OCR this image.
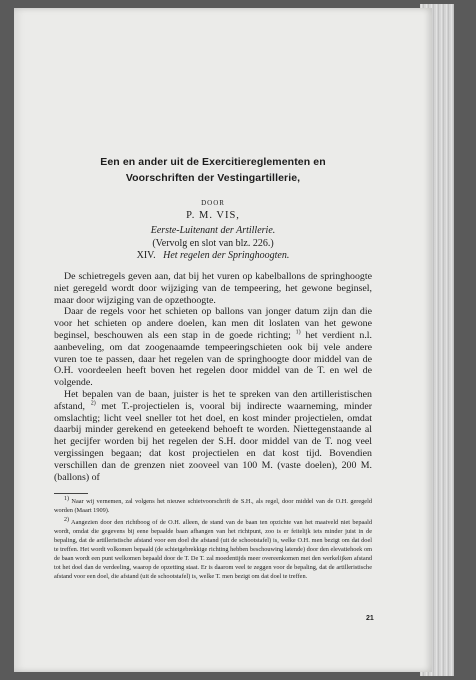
Een en ander uit de Exercitiereglementen en
Voorschriften der Vestingartillerie,
DOOR
P. M. VIS,
Eerste-Luitenant der Artillerie.
(Vervolg en slot van blz. 226.)
XIV. Het regelen der Springhoogten.

De schietregels geven aan, dat bij het vuren op kabelballons de springhoogte niet geregeld wordt door wijziging van de tempeering, het gewone beginsel, maar door wijziging van de opzethoogte.

Daar de regels voor het schieten op ballons van jonger datum zijn dan die voor het schieten op andere doelen, kan men dit loslaten van het gewone beginsel, beschouwen als een stap in de goede richting; $^{1)}$ het verdient n.l. aanbeveling, om dat zoogenaamde tempeeringschieten ook bij vele andere vuren toe te passen, daar het regelen van de springhoogte door middel van de O.H. voordeelen heeft boven het regelen door middel van de T. en wel de volgende.

Het bepalen van de baan, juister is het te spreken van den artilleristischen afstand, $^{2)}$ met T.-projectielen is, vooral bij indirecte waarneming, minder omslachtig; licht veel sneller tot het doel, en kost minder projectielen, omdat daarbij minder gerekend en geteekend behoeft te worden. Niettegenstaande al het gecijfer worden bij het regelen der S.H. door middel van de T. nog veel vergissingen begaan; dat kost projectielen en dat kost tijd. Bovendien verschillen dan de grenzen niet zooveel van 100 M. (vaste doelen), 200 M. (ballons) of

$^{1)}$ Naar wij vernemen, zal volgens het nieuwe schietvoorschrift de S.H., als regel, door middel van de O.H. geregeld worden (Maart 1909).

$^{2)}$ Aangezien door den richtboog of de O.H. alleen, de stand van de baan ten opzichte van het maaiveld niet bepaald wordt, omdat die gegevens bij eene bepaalde baan afhangen van het richtpunt, zoo is er feitelijk iets minder juist in de bepaling, dat de artilleristische afstand voor een doel die afstand (uit de schootstafel) is, welke O.H. men bezigt om dat doel te treffen. Het wordt volkomen bepaald (de schietgebrekkige richting hebben beschouwing latende) door den elevatiehoek om de baan wordt een punt welkomen bepaald door de T. De T. zal moedentijds meer overeenkomen met den werkelijken afstand tot het doel dan de verdeeling, waarop de opzetting staat. Er is daarom veel te zeggen voor de bepaling, dat de artilleristische afstand voor een doel, die afstand (uit de schootstafel) is, welke T. men bezigt om dat doel te treffen.

21
